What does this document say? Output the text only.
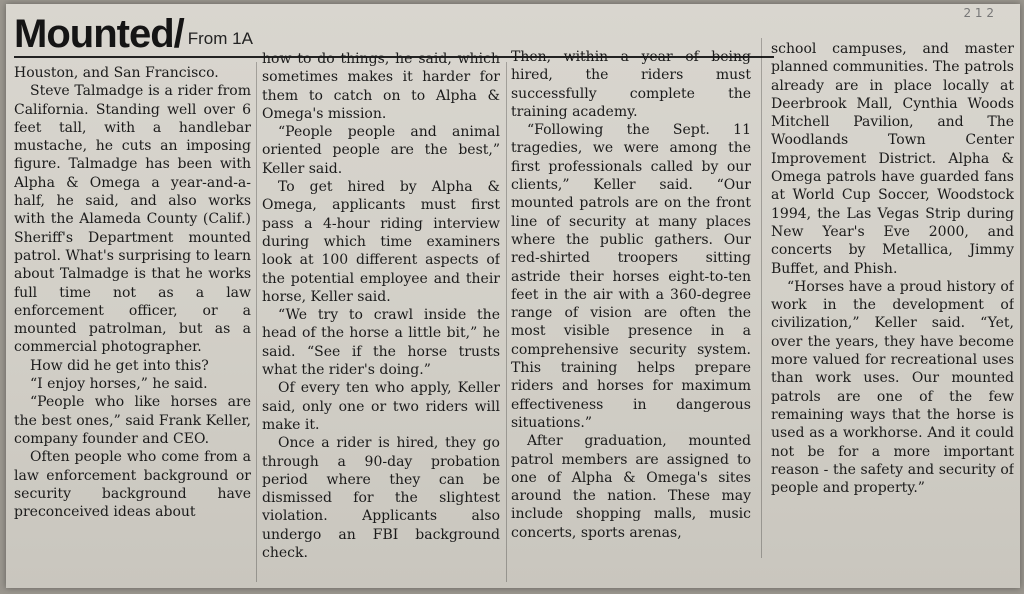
Mounted/ From 1A
2 1 2

Houston, and San Francisco.

Steve Talmadge is a rider from California. Standing well over 6 feet tall, with a handlebar mustache, he cuts an imposing figure. Talmadge has been with Alpha & Omega a year-and-a-half, he said, and also works with the Alameda County (Calif.) Sheriff's Department mounted patrol. What's surprising to learn about Talmadge is that he works full time not as a law enforcement officer, or a mounted patrolman, but as a commercial photographer.

How did he get into this?

“I enjoy horses,” he said.

“People who like horses are the best ones,” said Frank Keller, company founder and CEO.

Often people who come from a law enforcement background or security background have preconceived ideas about

how to do things, he said, which sometimes makes it harder for them to catch on to Alpha & Omega's mission.

“People people and animal oriented people are the best,” Keller said.

To get hired by Alpha & Omega, applicants must first pass a 4-hour riding interview during which time examiners look at 100 different aspects of the potential employee and their horse, Keller said.

“We try to crawl inside the head of the horse a little bit,” he said. “See if the horse trusts what the rider's doing.”

Of every ten who apply, Keller said, only one or two riders will make it.

Once a rider is hired, they go through a 90-day probation period where they can be dismissed for the slightest violation. Applicants also undergo an FBI background check.

Then, within a year of being hired, the riders must successfully complete the training academy.

“Following the Sept. 11 tragedies, we were among the first professionals called by our clients,” Keller said. “Our mounted patrols are on the front line of security at many places where the public gathers. Our red-shirted troopers sitting astride their horses eight-to-ten feet in the air with a 360-degree range of vision are often the most visible presence in a comprehensive security system. This training helps prepare riders and horses for maximum effectiveness in dangerous situations.”

After graduation, mounted patrol members are assigned to one of Alpha & Omega's sites around the nation. These may include shopping malls, music concerts, sports arenas,

school campuses, and master planned communities. The patrols already are in place locally at Deerbrook Mall, Cynthia Woods Mitchell Pavilion, and The Woodlands Town Center Improvement District. Alpha & Omega patrols have guarded fans at World Cup Soccer, Woodstock 1994, the Las Vegas Strip during New Year's Eve 2000, and concerts by Metallica, Jimmy Buffet, and Phish.

“Horses have a proud history of work in the development of civilization,” Keller said. “Yet, over the years, they have become more valued for recreational uses than work uses. Our mounted patrols are one of the few remaining ways that the horse is used as a workhorse. And it could not be for a more important reason - the safety and security of people and property.”
